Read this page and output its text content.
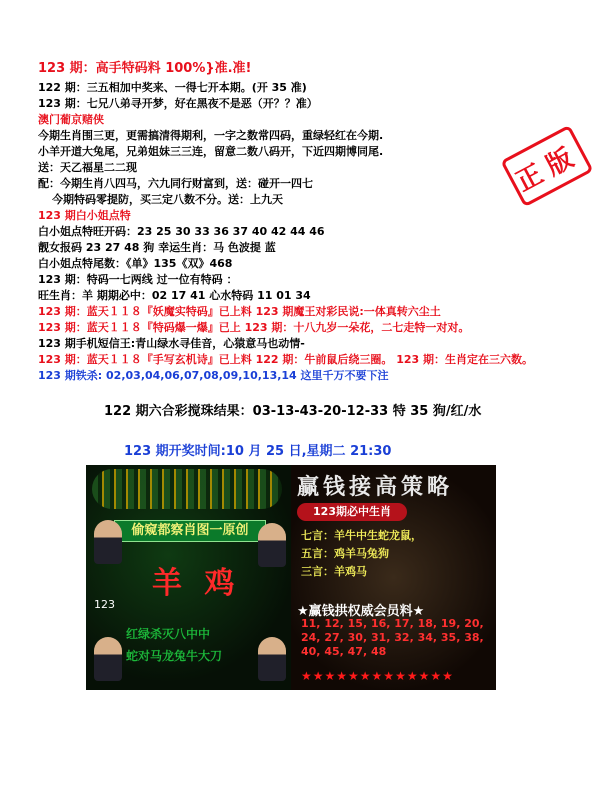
123 期：高手特码料 100%}准.准!
122 期：三五相加中奖来、一得七开本期。(开 35 准)
123 期：七兄八弟寻开梦，好在黑夜不是恶（开？？准）
澳门葡京赌侠
今期生肖围三更，更需搞清得期利，一字之数常四码，重绿轻红在今期.
小羊开道大兔尾，兄弟姐妹三三连，留意二数八码开，下近四期博同尾.
送：天乙福星二二现
配：今期生肖八四马，六九同行财富到，送：碰开一四七
今期特码零提防，买三定八数不分。送：上九天
123 期白小姐点特
白小姐点特旺开码：23 25 30 33 36 37 40 42 44 46
靓女报码 23 27 48 狗 幸运生肖：马 色波提 蓝
白小姐点特尾数：《单》135《双》468
123 期：特码一七两线 过一位有特码 ：
旺生肖：羊 期期必中：02 17 41 心水特码 11 01 34
123 期：蓝天１１８『妖魔实特码』已上料 123 期魔王对彩民说:一体真转六尘土
123 期：蓝天１１８『特码爆一爆』已上 123 期：十八九岁一朵花，二七走特一对对。
123 期手机短信王:青山绿水寻佳音，心猿意马也动情-
123 期：蓝天１１８『手写玄机诗』已上料 122 期：牛前鼠后绕三圈。 123 期：生肖定在三六数。
123 期铁杀: 02,03,04,06,07,08,09,10,13,14 这里千万不要下注
正版
122 期六合彩搅珠结果：03-13-43-20-12-33 特 35 狗/红/水
123 期开奖时间:10 月 25 日,星期二 21:30
偷窥都察肖图一原创
羊 鸡
123
红绿杀灭八中中
蛇对马龙兔牛大刀
赢钱接高策略
123期必中生肖
七言：羊牛中生蛇龙鼠，
五言：鸡羊马兔狗
三言：羊鸡马
★赢钱拱权威会员料★
11, 12, 15, 16, 17, 18, 19, 20, 24, 27, 30, 31, 32, 34, 35, 38, 40, 45, 47, 48
★★★★★★★★★★★★★
